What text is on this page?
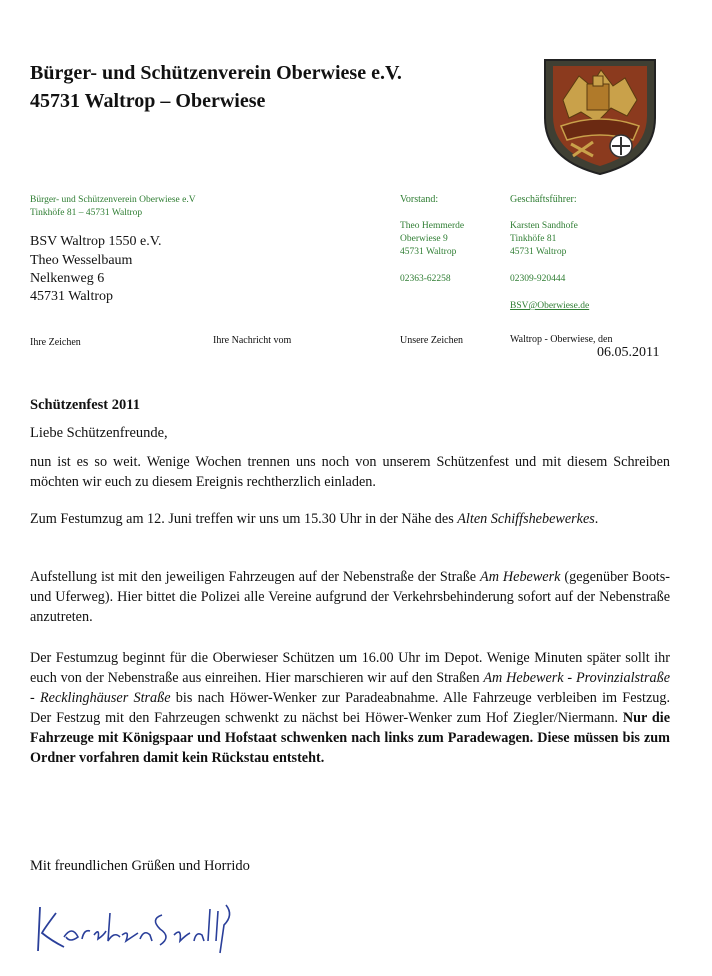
Bürger- und Schützenverein Oberwiese e.V.
45731 Waltrop – Oberwiese
Bürger- und Schützenverein Oberwiese e.V
Tinkhöfe 81 – 45731 Waltrop
BSV Waltrop 1550 e.V.
Theo Wesselbaum
Nelkenweg 6
45731 Waltrop
Vorstand:
Theo Hemmerde
Oberwiese 9
45731 Waltrop
02363-62258
Geschäftsführer:
Karsten Sandhofe
Tinkhöfe 81
45731 Waltrop
02309-920444
BSV@Oberwiese.de
Ihre Zeichen	Ihre Nachricht vom	Unsere Zeichen	Waltrop - Oberwiese, den
06.05.2011
Schützenfest 2011
Liebe Schützenfreunde,

nun ist es so weit. Wenige Wochen trennen uns noch von unserem Schützenfest und mit diesem Schreiben möchten wir euch zu diesem Ereignis rechtherzlich einladen.

Zum Festumzug am 12. Juni treffen wir uns um 15.30 Uhr in der Nähe des Alten Schiffshebewerkes.

Aufstellung ist mit den jeweiligen Fahrzeugen auf der Nebenstraße der Straße Am Hebewerk (gegenüber Boots- und Uferweg). Hier bittet die Polizei alle Vereine aufgrund der Verkehrsbehinderung sofort auf der Nebenstraße anzutreten.

Der Festumzug beginnt für die Oberwieser Schützen um 16.00 Uhr im Depot. Wenige Minuten später sollt ihr euch von der Nebenstraße aus einreihen. Hier marschieren wir auf den Straßen Am Hebewerk - Provinzialstraße - Recklinghäuser Straße bis nach Höwer-Wenker zur Paradeabnahme. Alle Fahrzeuge verbleiben im Festzug. Der Festzug mit den Fahrzeugen schwenkt zu nächst bei Höwer-Wenker zum Hof Ziegler/Niermann. Nur die Fahrzeuge mit Königspaar und Hofstaat schwenken nach links zum Paradewagen. Diese müssen bis zum Ordner vorfahren damit kein Rückstau entsteht.

Mit freundlichen Grüßen und Horrido
